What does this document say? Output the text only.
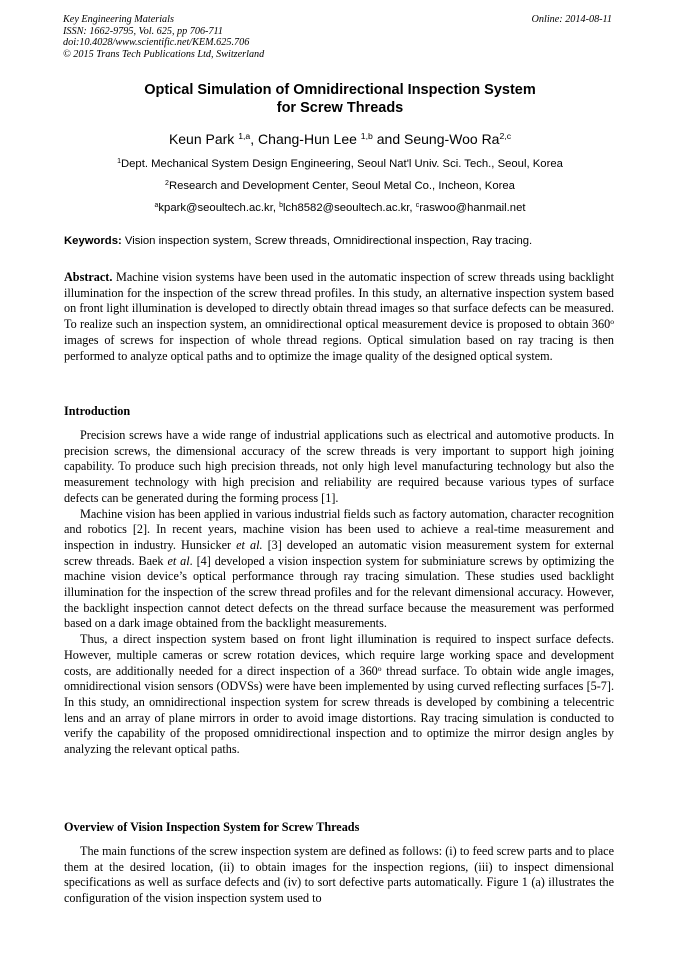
Key Engineering Materials
ISSN: 1662-9795, Vol. 625, pp 706-711
doi:10.4028/www.scientific.net/KEM.625.706
© 2015 Trans Tech Publications Ltd, Switzerland
Online: 2014-08-11
Optical Simulation of Omnidirectional Inspection System
for Screw Threads
Keun Park $^{1,a}$, Chang-Hun Lee $^{1,b}$ and Seung-Woo Ra$^{2,c}$
$^1$Dept. Mechanical System Design Engineering, Seoul Nat'l Univ. Sci. Tech., Seoul, Korea
$^2$Research and Development Center, Seoul Metal Co., Incheon, Korea
$^a$kpark@seoultech.ac.kr, $^b$lch8582@seoultech.ac.kr, $^c$raswoo@hanmail.net
Keywords: Vision inspection system, Screw threads, Omnidirectional inspection, Ray tracing.

Abstract. Machine vision systems have been used in the automatic inspection of screw threads using backlight illumination for the inspection of the screw thread profiles. In this study, an alternative inspection system based on front light illumination is developed to directly obtain thread images so that surface defects can be measured. To realize such an inspection system, an omnidirectional optical measurement device is proposed to obtain 360$^o$ images of screws for inspection of whole thread regions. Optical simulation based on ray tracing is then performed to analyze optical paths and to optimize the image quality of the designed optical system.

Introduction

Precision screws have a wide range of industrial applications such as electrical and automotive products. In precision screws, the dimensional accuracy of the screw threads is very important to support high joining capability. To produce such high precision threads, not only high level manufacturing technology but also the measurement technology with high precision and reliability are required because various types of surface defects can be generated during the forming process [1].

Machine vision has been applied in various industrial fields such as factory automation, character recognition and robotics [2]. In recent years, machine vision has been used to achieve a real-time measurement and inspection in industry. Hunsicker et al. [3] developed an automatic vision measurement system for external screw threads. Baek et al. [4] developed a vision inspection system for subminiature screws by optimizing the machine vision device’s optical performance through ray tracing simulation. These studies used backlight illumination for the inspection of the screw thread profiles and for the relevant dimensional accuracy. However, the backlight inspection cannot detect defects on the thread surface because the measurement was performed based on a dark image obtained from the backlight measurements.

Thus, a direct inspection system based on front light illumination is required to inspect surface defects. However, multiple cameras or screw rotation devices, which require large working space and development costs, are additionally needed for a direct inspection of a 360$^o$ thread surface. To obtain wide angle images, omnidirectional vision sensors (ODVSs) were have been implemented by using curved reflecting surfaces [5-7]. In this study, an omnidirectional inspection system for screw threads is developed by combining a telecentric lens and an array of plane mirrors in order to avoid image distortions. Ray tracing simulation is conducted to verify the capability of the proposed omnidirectional inspection and to optimize the mirror design angles by analyzing the relevant optical paths.

Overview of Vision Inspection System for Screw Threads

The main functions of the screw inspection system are defined as follows: (i) to feed screw parts and to place them at the desired location, (ii) to obtain images for the inspection regions, (iii) to inspect dimensional specifications as well as surface defects and (iv) to sort defective parts automatically. Figure 1 (a) illustrates the configuration of the vision inspection system used to
